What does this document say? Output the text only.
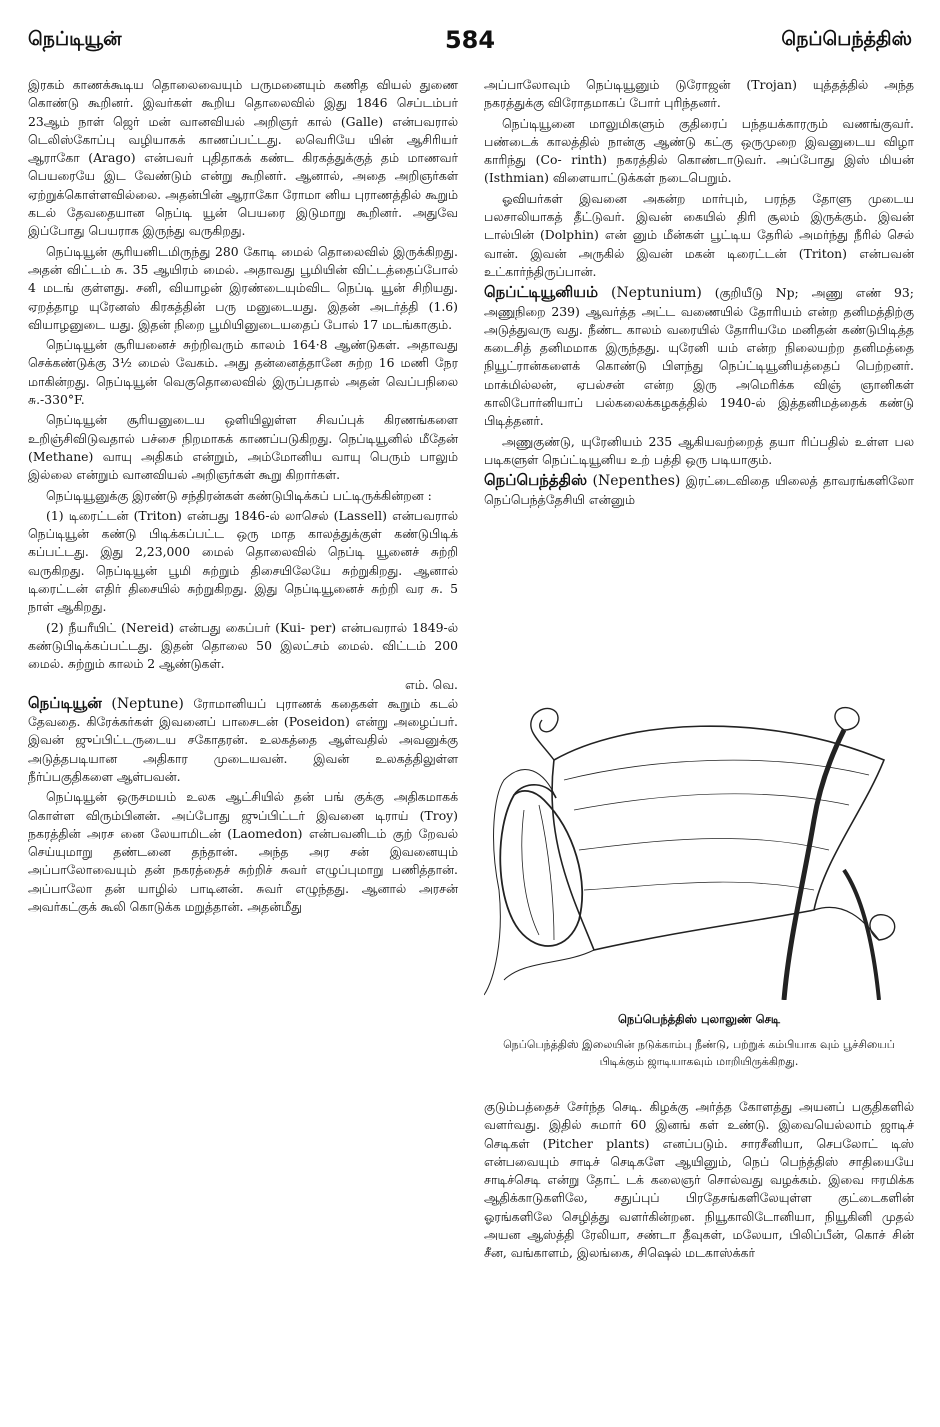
நெப்டியூன்	584	நெப்பெந்த்திஸ்

இரகம் காணக்கூடிய தொலைவையும் பருமனையும் கணித வியல் துணை கொண்டு கூறினர். இவர்கள் கூறிய தொலைவில் இது 1846 செப்டம்பர் 23ஆம் நாள் ஜெர் மன் வானவியல் அறிஞர் கால் (Galle) என்பவரால் டெலிஸ்கோப்பு வழியாகக் காணப்பட்டது. லவெரியே யின் ஆசிரியர் ஆராகோ (Arago) என்பவர் புதிதாகக் கண்ட கிரகத்துக்குத் தம் மாணவர் பெயரையே இட வேண்டும் என்று கூறினர். ஆனால், அதை அறிஞர்கள் ஏற்றுக்கொள்ளவில்லை. அதன்பின் ஆராகோ ரோமா னிய புராணத்தில் கூறும் கடல் தேவதையான நெப்டி யூன் பெயரை இடுமாறு கூறினர். அதுவே இப்போது பெயராக இருந்து வருகிறது.

நெப்டியூன் சூரியனிடமிருந்து 280 கோடி மைல் தொலைவில் இருக்கிறது. அதன் விட்டம் சு. 35 ஆயிரம் மைல். அதாவது பூமியின் விட்டத்தைப்போல் 4 மடங் குள்ளது. சனி, வியாழன் இரண்டையும்விட நெப்டி யூன் சிறியது. ஏறத்தாழ யுரேனஸ் கிரகத்தின் பரு மனுடையது. இதன் அடர்த்தி (1.6) வியாழனுடை யது. இதன் நிறை பூமியினுடையதைப் போல் 17 மடங்காகும்.

நெப்டியூன் சூரியனைச் சுற்றிவரும் காலம் 164·8 ஆண்டுகள். அதாவது செக்கண்டுக்கு 3½ மைல் வேகம். அது தன்னைத்தானே சுற்ற 16 மணி நேர மாகின்றது. நெப்டியூன் வெகுதொலைவில் இருப்பதால் அதன் வெப்பநிலை சு.-330°F.

நெப்டியூன் சூரியனுடைய ஒளியிலுள்ள சிவப்புக் கிரணங்களை உறிஞ்சிவிடுவதால் பச்சை நிறமாகக் காணப்படுகிறது. நெப்டியூனில் மீதேன் (Methane) வாயு அதிகம் என்றும், அம்மோனிய வாயு பெரும் பாலும் இல்லை என்றும் வானவியல் அறிஞர்கள் கூறு கிறார்கள்.

நெப்டியூனுக்கு இரண்டு சந்திரன்கள் கண்டுபிடிக்கப் பட்டிருக்கின்றன :

(1) டிரைட்டன் (Triton) என்பது 1846-ல் லாசெல் (Lassell) என்பவரால் நெப்டியூன் கண்டு பிடிக்கப்பட்ட ஒரு மாத காலத்துக்குள் கண்டுபிடிக் கப்பட்டது. இது 2,23,000 மைல் தொலைவில் நெப்டி யூனைச் சுற்றி வருகிறது. நெப்டியூன் பூமி சுற்றும் திசையிலேயே சுற்றுகிறது. ஆனால் டிரைட்டன் எதிர் திசையில் சுற்றுகிறது. இது நெப்டியூனைச் சுற்றி வர சு. 5 நாள் ஆகிறது.

(2) நீயரீயிட் (Nereid) என்பது கைப்பர் (Kui- per) என்பவரால் 1849-ல் கண்டுபிடிக்கப்பட்டது. இதன் தொலை 50 இலட்சம் மைல். விட்டம் 200 மைல். சுற்றும் காலம் 2 ஆண்டுகள்.

எம். வெ.

நெப்டியூன் (Neptune) ரோமானியப் புராணக் கதைகள் கூறும் கடல் தேவதை. கிரேக்கர்கள் இவனைப் பாசைடன் (Poseidon) என்று அழைப்பர். இவன் ஜுப்பிட்டருடைய சகோதரன். உலகத்தை ஆள்வதில் அவனுக்கு அடுத்தபடியான அதிகார முடையவன். இவன் உலகத்திலுள்ள நீர்ப்பகுதிகளை ஆள்பவன்.

நெப்டியூன் ஒருசமயம் உலக ஆட்சியில் தன் பங் குக்கு அதிகமாகக் கொள்ள விரும்பினன். அப்போது ஜுப்பிட்டர் இவனை டிராய் (Troy) நகரத்தின் அரச னை லேயாமிடன் (Laomedon) என்பவனிடம் குற் றேவல் செய்யுமாறு தண்டனை தந்தான். அந்த அர சன் இவனையும் அப்பாலோவையும் தன் நகரத்தைச் சுற்றிச் சுவர் எழுப்புமாறு பணித்தான். அப்பாலோ தன் யாழில் பாடினன். சுவர் எழுந்தது. ஆனால் அரசன் அவர்கட்குக் கூலி கொடுக்க மறுத்தான். அதன்மீது

அப்பாலோவும் நெப்டியூனும் டுரோஜன் (Trojan) யுத்தத்தில் அந்த நகரத்துக்கு விரோதமாகப் போர் புரிந்தனர்.

நெப்டியூனை மாலுமிகளும் குதிரைப் பந்தயக்காரரும் வணங்குவர். பண்டைக் காலத்தில் நான்கு ஆண்டு கட்கு ஒருமுறை இவனுடைய விழா காரிந்து (Co- rinth) நகரத்தில் கொண்டாடுவர். அப்போது இஸ் மியன் (Isthmian) விளையாட்டுக்கள் நடைபெறும்.

ஓவியர்கள் இவனை அகன்ற மார்பும், பரந்த தோளு முடைய பலசாலியாகத் தீட்டுவர். இவன் கையில் திரி சூலம் இருக்கும். இவன் டால்பின் (Dolphin) என் னும் மீன்கள் பூட்டிய தேரில் அமர்ந்து நீரில் செல் வான். இவன் அருகில் இவன் மகன் டிரைட்டன் (Triton) என்பவன் உட்கார்ந்திருப்பான்.

நெப்ட்டியூனியம் (Neptunium) (குறியீடு Np; அணு எண் 93; அணுநிறை 239) ஆவர்த்த அட்ட வணையில் தோரியம் என்ற தனிமத்திற்கு அடுத்துவரு வது. நீண்ட காலம் வரையில் தோரியமே மனிதன் கண்டுபிடித்த கடைசித் தனிமமாக இருந்தது. யுரேனி யம் என்ற நிலையற்ற தனிமத்தை நியூட்ரான்களைக் கொண்டு பிளந்து நெப்ட்டியூனியத்தைப் பெற்றனர். மாக்மில்லன், ஏபல்சன் என்ற இரு அமெரிக்க விஞ் ஞானிகள் காலிபோர்னியாப் பல்கலைக்கழகத்தில் 1940-ல் இத்தனிமத்தைக் கண்டு பிடித்தனர்.

அணுகுண்டு, யுரேனியம் 235 ஆகியவற்றைத் தயா ரிப்பதில் உள்ள பல படிகளுள் நெப்ட்டியூனிய உற் பத்தி ஒரு படியாகும்.

நெப்பெந்த்திஸ் (Nepenthes) இரட்டைவிதை யிலைத் தாவரங்களிலோ நெப்பெந்த்தேசியி என்னும்

நெப்பெந்த்திஸ் புலாலுண் செடி
நெப்பெந்த்திஸ் இலையின் நடுக்காம்பு நீண்டு, பற்றுக் கம்பியாக வும் பூச்சியைப் பிடிக்கும் ஜாடியாகவும் மாறியிருக்கிறது.

குடும்பத்தைச் சேர்ந்த செடி. கிழக்கு அர்த்த கோளத்து அயனப் பகுதிகளில் வளர்வது. இதில் சுமார் 60 இனங் கள் உண்டு. இவையெல்லாம் ஜாடிச் செடிகள் (Pitcher plants) எனப்படும். சாரசீனியா, செபலோட் டிஸ் என்பவையும் சாடிச் செடிகளே ஆயினும், நெப் பெந்த்திஸ் சாதியையே சாடிச்செடி என்று தோட் டக் கலைஞர் சொல்வது வழக்கம். இவை ஈரமிக்க ஆதிக்காடுகளிலே, சதுப்புப் பிரதேசங்களிலேயுள்ள குட்டைகளின் ஓரங்களிலே செழித்து வளர்கின்றன. நியூகாலிடோனியா, நியூகினி முதல் அயன ஆஸ்த்தி ரேலியா, சண்டா தீவுகள், மலேயா, பிலிப்பீன், கொச் சின் சீன, வங்காளம், இலங்கை, சிஷெல் மடகாஸ்க்கர்
